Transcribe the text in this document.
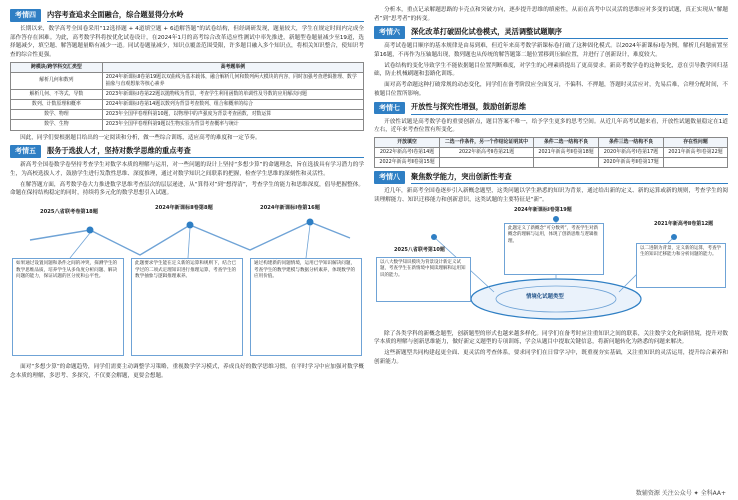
考情四	内容考查追求全面融合，综合题显得分水岭

长期以来，数学高考全国卷采用“12选择题 + 4道填空题 + 6道解答题”的试卷结构，但经调研发现，题量较大，学生在规定时间内完成全部作答存在困难。为此，高考数学科将按优化试卷设计，在2024年1月的高考综合改革适应性测试中率先推进，新题型卷题量减少至19道，选择题减少，填空题、解答题题量略有减少一道。同试卷题量减少，知识点覆盖范围受限，许多题目融入多个知识点，将相关知识整合，使知识考查的综合性更强。

跨模块/跨学科交汇类型	高考题举例
解析几何和数列	2024年新课标Ⅱ卷第19题以双曲线为基本载体，融合解析几何和数列两大模块的内容，同时加强考查逻辑推理、数学抽象与直观想象等核心素养
解析几何、不等式、导数	2023年新课标Ⅰ卷第22题以抛物线为背景，考查学生利用函数的单调性及导数的应用解决问题
数列、计数原理和概率	2024年新课标Ⅰ卷第14题以数列为背景考查数列、组合和概率的综合
数学、物理	2023年全国甲卷理科第10题，以物理中的声强度为背景考查函数，对数运算
数学、生物	2023年全国甲卷理科第9题以生物实验为背景考查概率与统计

因此，同学们要根据题目给出的一定阅读和分析，做一些综合训练，适应高考的难度和一定节奏。

考情五	服务于选拔人才，坚持对数学思维的重点考查

新高考全国卷数学卷坚持考查学生对数学本质的理解与运用，对一些问题的设计上坚持“多想少算”的命题理念，旨在选拔具有学习潜力的学生，为高校选拔人才，鼓励学生进行发散性思维、深度推理，通过对数学知识之间联系的把握，检查学生思维的深刻性和灵活性。

在解答题方面，高考数学卷大力推进数学思维考查层次的层层递进，从“算得对”到“想得清”，考查学生的能力和思维深度，倡导把握整体。命题在保持结构稳定的同时，持续将多元化的数学思想引入试题。

2025八省联考卷第18题
2024年新课标Ⅱ卷第8题	2024年新课标Ⅰ卷第16题
如果通过设置问题和条件之间的冲突，探测学生的数学思维品质，培养学生从多角度分析问题、解决问题的能力，保证试题的区分度和公平性。
此题要求学生能在定义新的运算和规则下，结合已学过的二项式定理知识进行推理运算，考查学生的数学抽象与逻辑推理素养。
通过构建新的问题情境，运用已学知识解决问题，考查学生的数学建模与数据分析素养，体现数学的应用价值。

面对“多想少算”的命题趋势，同学们需要主动调整学习策略，重视数学学习模式，养成良好的数学思维习惯，在平时学习中应加强对数学概念本质的理解，多思考、多探究，不仅要会解题，更要会想题。

分析本，重点记录解题思路的卡壳点和突破方向，逐步提升思维的缜密性，从而在高考中以灵活的思维应对多变的试题，真正实现从“解题者”到“思考者”的转变。

考情六	深化改革打破固化试卷模式，灵活调整试题顺序

高考试卷题目顺序的基本规律是由易到难，但近年来高考数学新课标卷打破了这种固化模式。以2024年新课标Ⅰ卷为例，解析几何题前置至第16题，不再作为压轴题出现，数列题也从传统的解答题第二题位置移到压轴位置，并进行了创新设计，难度较大。

试卷结构的变化导致学生不能依据题目位置判断难度，对学生的心理素质提出了更高要求。新高考数学卷的这种变化，意在引导教学回归基础，防止机械刷题和套路化训练。

面对高考命题这种打破常规的动态变化，同学们在备考阶段应全面复习，不偏科、不押题，答题时灵活应对，先易后难，合理分配时间，不被题目位置所影响。

考情七	开放性与探究性增强，鼓励创新思维

开放性试题是高考数学卷的重要创新点，题目答案不唯一，给予学生更多的思考空间。从近几年高考试题来看，开放性试题数量稳定在1道左右，近年来考查位置有所变化。

开放填空	二选一作条件，另一个作结论证明其中	条件二选一结构不良	条件三选一结构不良	存在性问题
2022年新高考Ⅰ卷第14题	2022年新高考Ⅱ卷第21题	2021年新高考Ⅱ卷第18题	2020年新高考Ⅰ卷第17题	2021年新高考Ⅰ卷第22题
2022年新高考Ⅱ卷第15题			2020年新高考Ⅱ卷第17题	
考情八	聚焦数学能力，突出创新性考查

近几年，新高考全国卷逐步引入新概念题型，这类问题以学生熟悉的知识为背景，通过给出新的定义、新的运算或新的规则，考查学生的阅读理解能力、知识迁移能力和创新意识，这类试题的主要特征是“新”。

2024年新课标Ⅰ卷第19题
2025八省联考第10题
2021年新高考Ⅱ卷第12题
以八大数学知识模块为背景设计新定义试题，考查学生在新情境中阅读理解和运用知识的能力。
此题定义了新概念“可分数列”，考查学生对新概念的理解与运用，体现了创新思维与逻辑推理。
以二进制为背景，定义新的运算，考查学生的知识迁移能力和分析问题的能力。
情境化试题类型

除了各类学科的新概念题型，创新题型的形式也越来越多样化。同学们在备考时应注重知识之间的联系，关注数学文化和新情境，提升对数学本质的理解与创新思维能力，做好新定义题型的专项训练，学会从题目中提取关键信息，将新问题转化为熟悉的问题来解决。

这些新题型共同构建起更全面、更灵活的考查体系，要求同学们在日常学习中，既重视夯实基础，又注重知识的灵活运用，提升综合素养和创新能力。

数辅资源 关注公众号 ✦ 全科AA+
